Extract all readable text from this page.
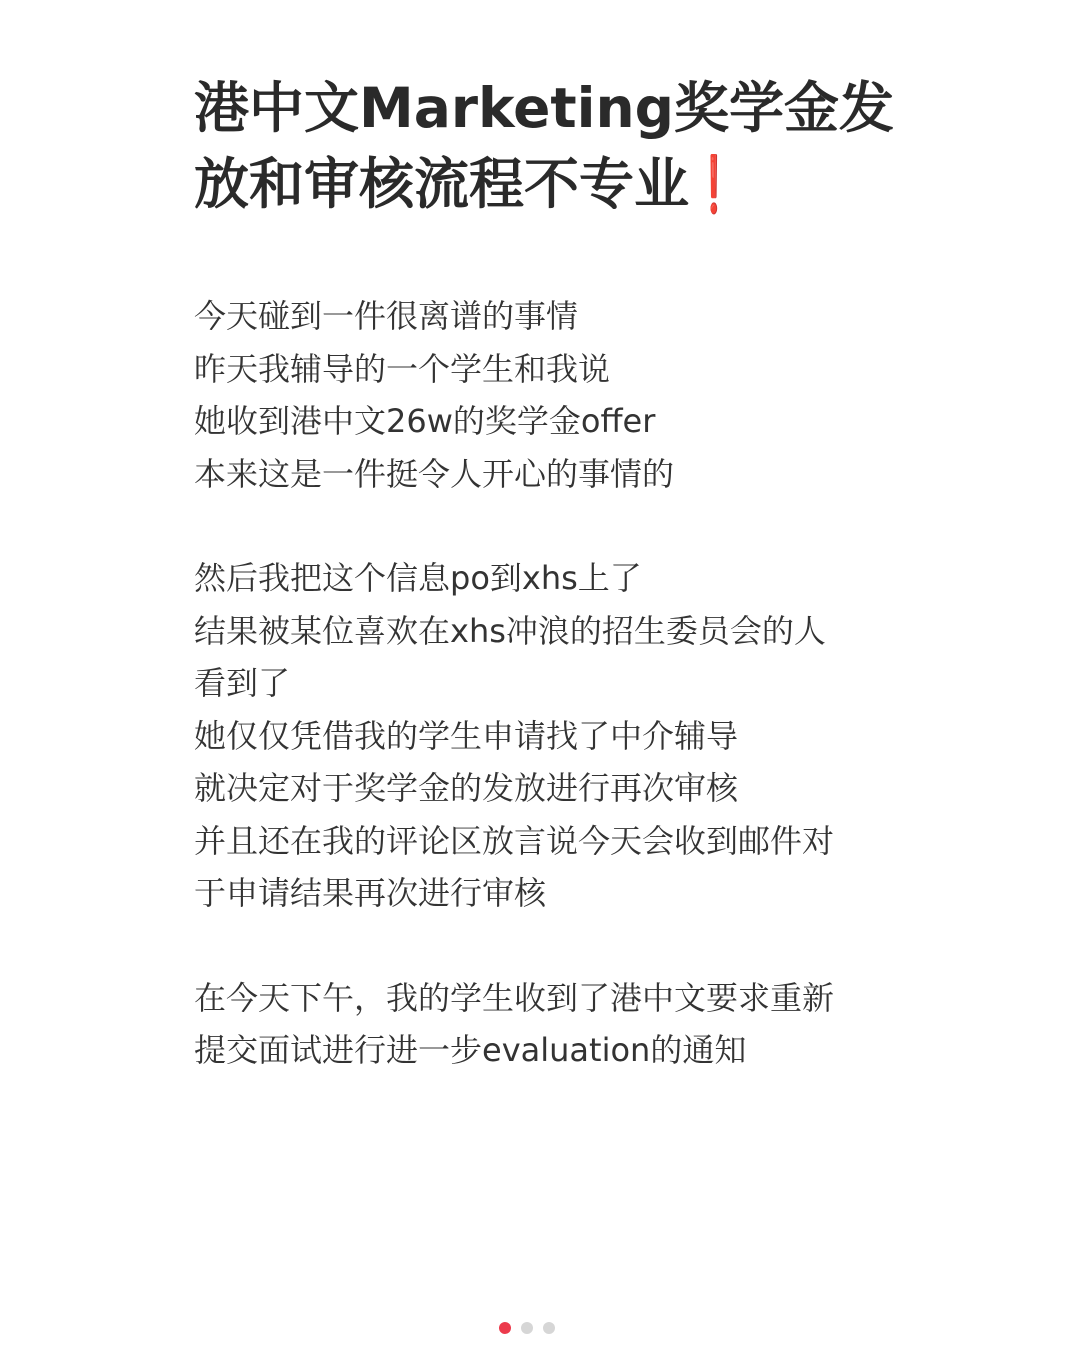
港中文Marketing奖学金发
放和审核流程不专业 ❗

今天碰到一件很离谱的事情
昨天我辅导的一个学生和我说
她收到港中文26w的奖学金offer
本来这是一件挺令人开心的事情的

然后我把这个信息po到xhs上了
结果被某位喜欢在xhs冲浪的招生委员会的人
看到了
她仅仅凭借我的学生申请找了中介辅导
就决定对于奖学金的发放进行再次审核
并且还在我的评论区放言说今天会收到邮件对
于申请结果再次进行审核

在今天下午，我的学生收到了港中文要求重新
提交面试进行进一步evaluation的通知
